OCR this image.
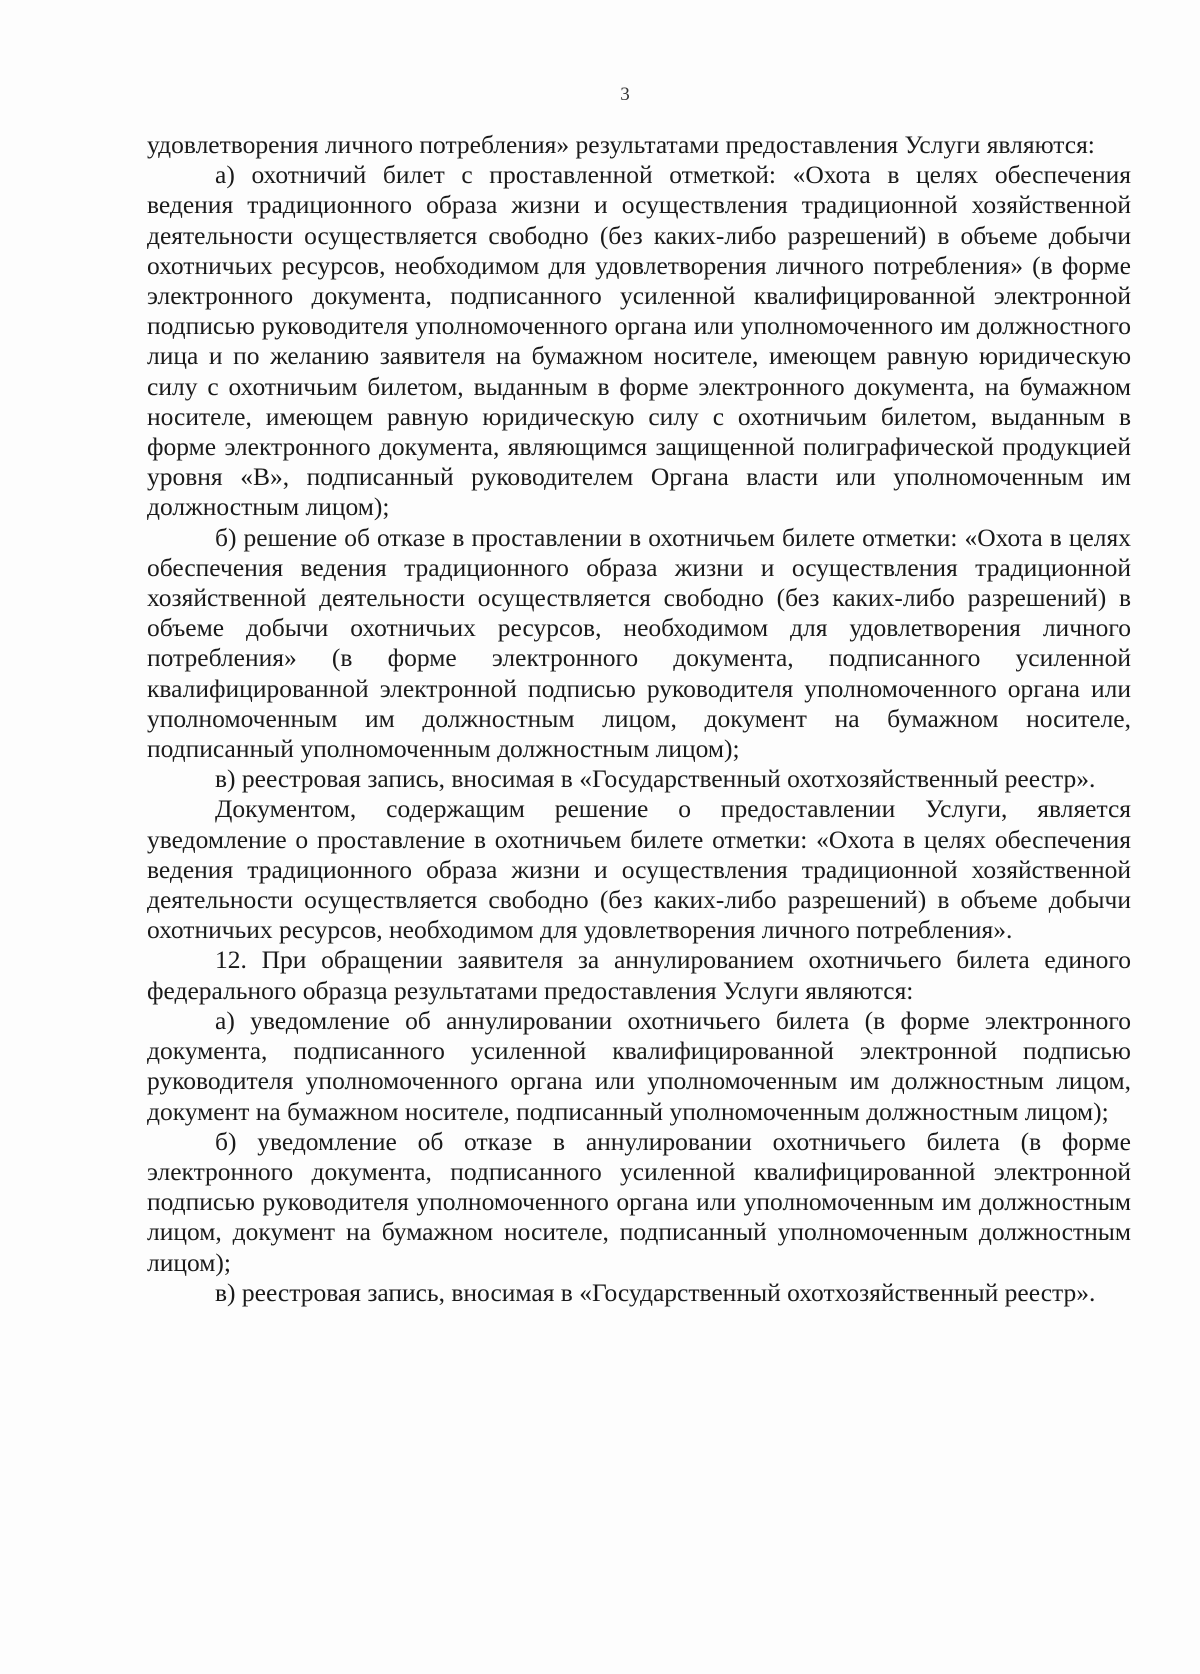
3

удовлетворения личного потребления» результатами предоставления Услуги являются:

а) охотничий билет с проставленной отметкой: «Охота в целях обеспечения ведения традиционного образа жизни и осуществления традиционной хозяйственной деятельности осуществляется свободно (без каких-либо разрешений) в объеме добычи охотничьих ресурсов, необходимом для удовлетворения личного потребления» (в форме электронного документа, подписанного усиленной квалифицированной электронной подписью руководителя уполномоченного органа или уполномоченного им должностного лица и по желанию заявителя на бумажном носителе, имеющем равную юридическую силу с охотничьим билетом, выданным в форме электронного документа, на бумажном носителе, имеющем равную юридическую силу с охотничьим билетом, выданным в форме электронного документа, являющимся защищенной полиграфической продукцией уровня «В», подписанный руководителем Органа власти или уполномоченным им должностным лицом);

б) решение об отказе в проставлении в охотничьем билете отметки: «Охота в целях обеспечения ведения традиционного образа жизни и осуществления традиционной хозяйственной деятельности осуществляется свободно (без каких-либо разрешений) в объеме добычи охотничьих ресурсов, необходимом для удовлетворения личного потребления» (в форме электронного документа, подписанного усиленной квалифицированной электронной подписью руководителя уполномоченного органа или уполномоченным им должностным лицом, документ на бумажном носителе, подписанный уполномоченным должностным лицом);

в) реестровая запись, вносимая в «Государственный охотхозяйственный реестр».

Документом, содержащим решение о предоставлении Услуги, является уведомление о проставление в охотничьем билете отметки: «Охота в целях обеспечения ведения традиционного образа жизни и осуществления традиционной хозяйственной деятельности осуществляется свободно (без каких-либо разрешений) в объеме добычи охотничьих ресурсов, необходимом для удовлетворения личного потребления».

12. При обращении заявителя за аннулированием охотничьего билета единого федерального образца результатами предоставления Услуги являются:

а) уведомление об аннулировании охотничьего билета (в форме электронного документа, подписанного усиленной квалифицированной электронной подписью руководителя уполномоченного органа или уполномоченным им должностным лицом, документ на бумажном носителе, подписанный уполномоченным должностным лицом);

б) уведомление об отказе в аннулировании охотничьего билета (в форме электронного документа, подписанного усиленной квалифицированной электронной подписью руководителя уполномоченного органа или уполномоченным им должностным лицом, документ на бумажном носителе, подписанный уполномоченным должностным лицом);

в) реестровая запись, вносимая в «Государственный охотхозяйственный реестр».
